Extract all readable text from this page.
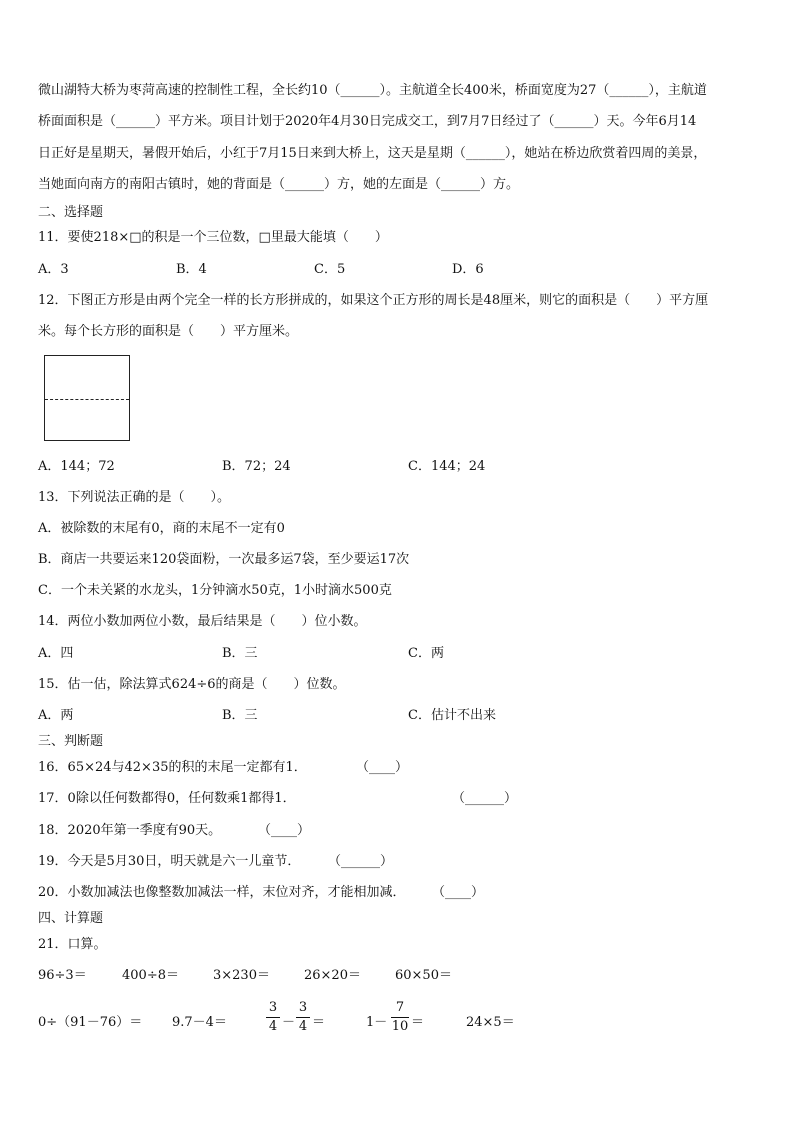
微山湖特大桥为枣菏高速的控制性工程，全长约10（______）。主航道全长400米，桥面宽度为27（______），主航道
桥面面积是（______）平方米。项目计划于2020年4月30日完成交工，到7月7日经过了（______）天。今年6月14
日正好是星期天，暑假开始后，小红于7月15日来到大桥上，这天是星期（______），她站在桥边欣赏着四周的美景，
当她面向南方的南阳古镇时，她的背面是（______）方，她的左面是（______）方。
二、选择题
11．要使218×□的积是一个三位数，□里最大能填（　　）
A．3	B．4	C．5	D．6
12．下图正方形是由两个完全一样的长方形拼成的，如果这个正方形的周长是48厘米，则它的面积是（　　）平方厘
米。每个长方形的面积是（　　）平方厘米。
A．144；72	B．72；24	C．144；24
13．下列说法正确的是（　　）。
A．被除数的末尾有0，商的末尾不一定有0
B．商店一共要运来120袋面粉，一次最多运7袋，至少要运17次
C．一个未关紧的水龙头，1分钟滴水50克，1小时滴水500克
14．两位小数加两位小数，最后结果是（　　）位小数。
A．四	B．三	C．两
15．估一估，除法算式624÷6的商是（　　）位数。
A．两	B．三	C．估计不出来
三、判断题
16．65×24与42×35的积的末尾一定都有1．	（____）
17．0除以任何数都得0，任何数乘1都得1．	（______）
18．2020年第一季度有90天。	（____）
19．今天是5月30日，明天就是六一儿童节． （______）
20．小数加减法也像整数加减法一样，末位对齐，才能相加减． （____）
四、计算题
21．口算。
96÷3＝	400÷8＝	3×230＝	26×20＝	60×50＝
0÷（91－76）＝ 9.7－4＝
3
4 －
3
4 ＝	1－
7
10 ＝	24×5＝
